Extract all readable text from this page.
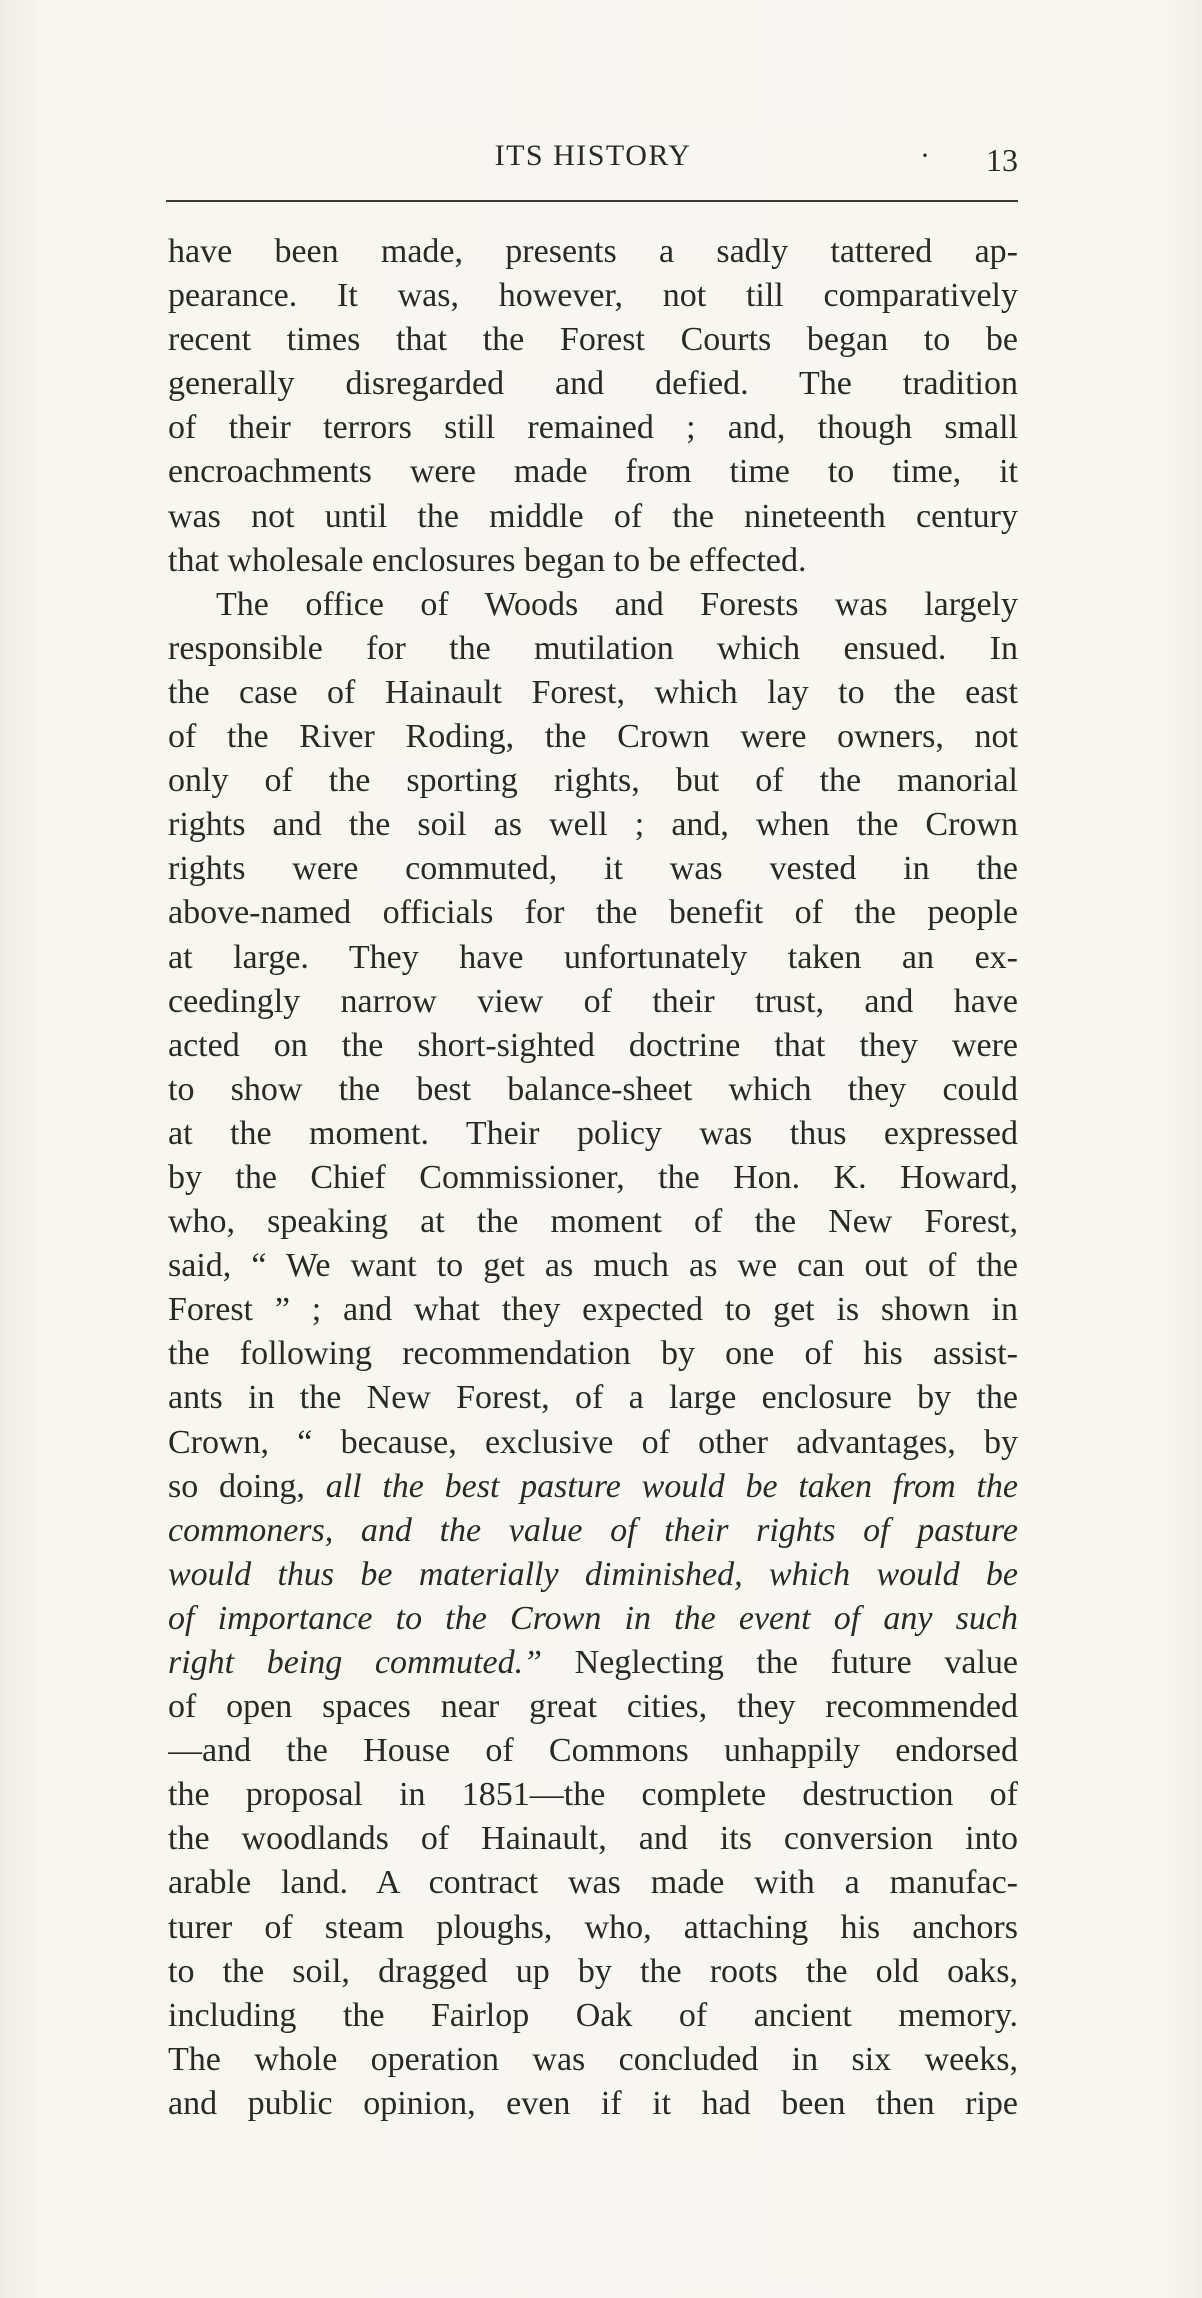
ITS HISTORY	· 13
have been made, presents a sadly tattered ap-
pearance. It was, however, not till comparatively
recent times that the Forest Courts began to be
generally disregarded and defied. The tradition
of their terrors still remained ; and, though small
encroachments were made from time to time, it
was not until the middle of the nineteenth century
that wholesale enclosures began to be effected.
The office of Woods and Forests was largely
responsible for the mutilation which ensued. In
the case of Hainault Forest, which lay to the east
of the River Roding, the Crown were owners, not
only of the sporting rights, but of the manorial
rights and the soil as well ; and, when the Crown
rights were commuted, it was vested in the
above-named officials for the benefit of the people
at large. They have unfortunately taken an ex-
ceedingly narrow view of their trust, and have
acted on the short-sighted doctrine that they were
to show the best balance-sheet which they could
at the moment. Their policy was thus expressed
by the Chief Commissioner, the Hon. K. Howard,
who, speaking at the moment of the New Forest,
said, “ We want to get as much as we can out of the
Forest ” ; and what they expected to get is shown in
the following recommendation by one of his assist-
ants in the New Forest, of a large enclosure by the
Crown, “ because, exclusive of other advantages, by
so doing, all the best pasture would be taken from the
commoners, and the value of their rights of pasture
would thus be materially diminished, which would be
of importance to the Crown in the event of any such
right being commuted.” Neglecting the future value
of open spaces near great cities, they recommended
—and the House of Commons unhappily endorsed
the proposal in 1851—the complete destruction of
the woodlands of Hainault, and its conversion into
arable land. A contract was made with a manufac-
turer of steam ploughs, who, attaching his anchors
to the soil, dragged up by the roots the old oaks,
including the Fairlop Oak of ancient memory.
The whole operation was concluded in six weeks,
and public opinion, even if it had been then ripe
